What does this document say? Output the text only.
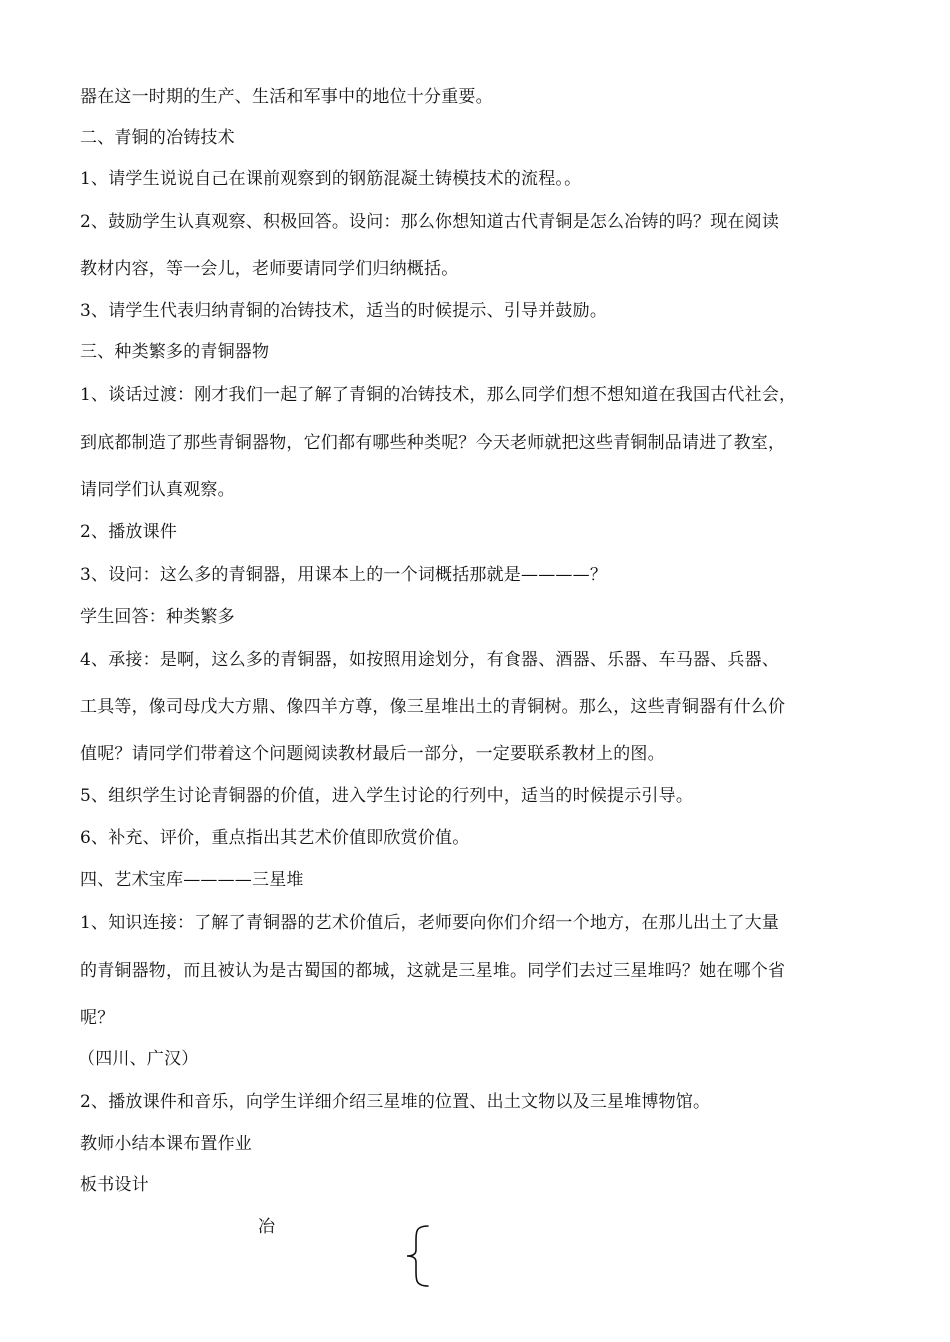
器在这一时期的生产、生活和军事中的地位十分重要。
二、青铜的冶铸技术
1、请学生说说自己在课前观察到的钢筋混凝土铸模技术的流程。。
2、鼓励学生认真观察、积极回答。设问：那么你想知道古代青铜是怎么冶铸的吗？现在阅读
教材内容，等一会儿，老师要请同学们归纳概括。
3、请学生代表归纳青铜的冶铸技术，适当的时候提示、引导并鼓励。
三、种类繁多的青铜器物
1、谈话过渡：刚才我们一起了解了青铜的冶铸技术，那么同学们想不想知道在我国古代社会，
到底都制造了那些青铜器物，它们都有哪些种类呢？今天老师就把这些青铜制品请进了教室，
请同学们认真观察。
2、播放课件
3、设问：这么多的青铜器，用课本上的一个词概括那就是————？
学生回答：种类繁多
4、承接：是啊，这么多的青铜器，如按照用途划分，有食器、酒器、乐器、车马器、兵器、
工具等，像司母戊大方鼎、像四羊方尊，像三星堆出土的青铜树。那么，这些青铜器有什么价
值呢？请同学们带着这个问题阅读教材最后一部分，一定要联系教材上的图。
5、组织学生讨论青铜器的价值，进入学生讨论的行列中，适当的时候提示引导。
6、补充、评价，重点指出其艺术价值即欣赏价值。
四、艺术宝库————三星堆
1、知识连接：了解了青铜器的艺术价值后，老师要向你们介绍一个地方，在那儿出土了大量
的青铜器物，而且被认为是古蜀国的都城，这就是三星堆。同学们去过三星堆吗？她在哪个省
呢？
（四川、广汉）
2、播放课件和音乐，向学生详细介绍三星堆的位置、出土文物以及三星堆博物馆。
教师小结本课布置作业
板书设计
冶
